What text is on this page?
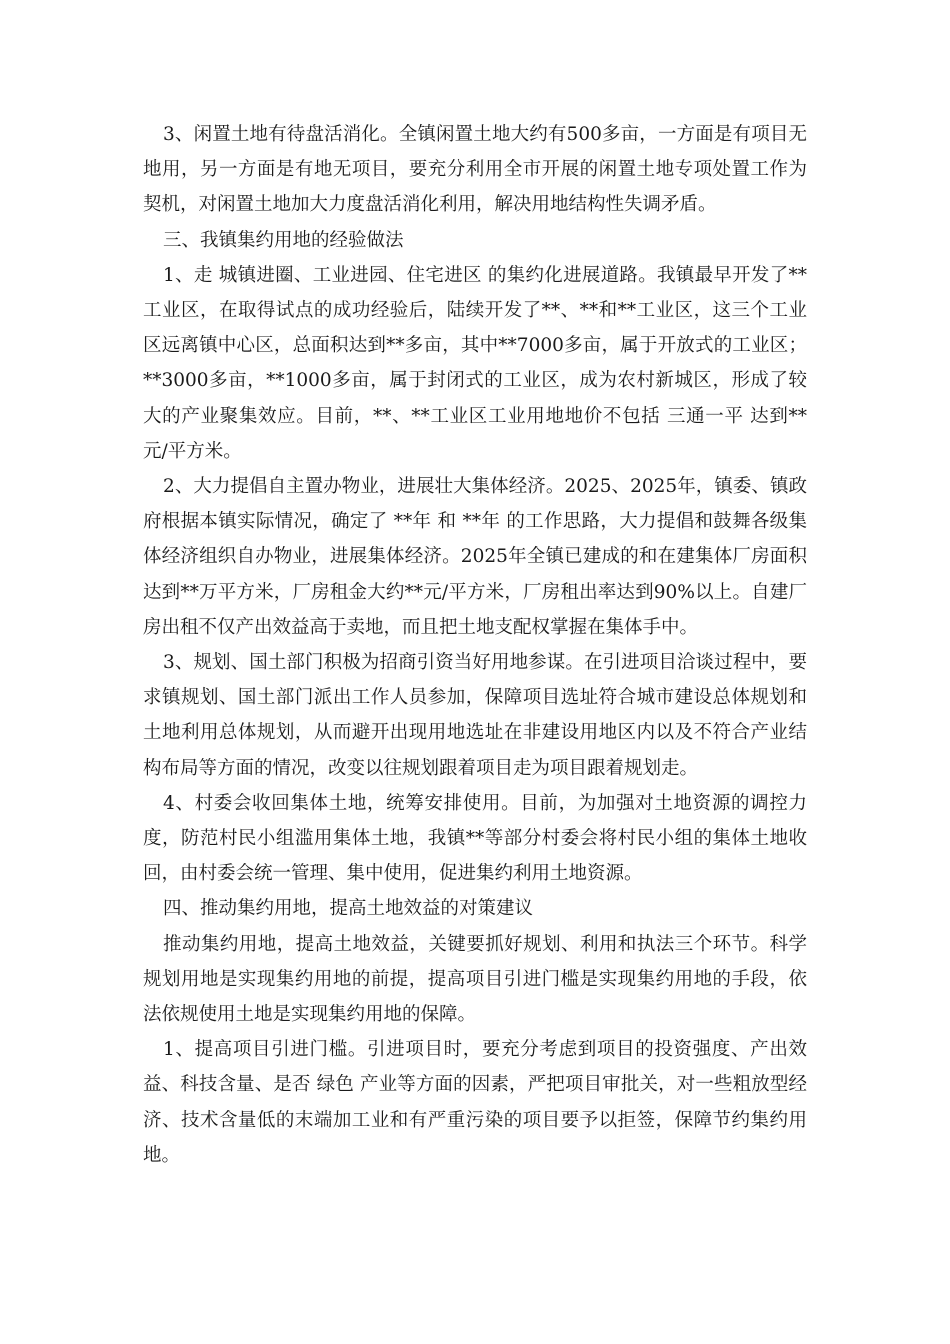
3、闲置土地有待盘活消化。全镇闲置土地大约有500多亩，一方面是有项目无地用，另一方面是有地无项目，要充分利用全市开展的闲置土地专项处置工作为契机，对闲置土地加大力度盘活消化利用，解决用地结构性失调矛盾。

三、我镇集约用地的经验做法

1、走 城镇进圈、工业进园、住宅进区 的集约化进展道路。我镇最早开发了**工业区，在取得试点的成功经验后，陆续开发了**、**和**工业区，这三个工业区远离镇中心区，总面积达到**多亩，其中**7000多亩，属于开放式的工业区；**3000多亩，**1000多亩，属于封闭式的工业区，成为农村新城区，形成了较大的产业聚集效应。目前，**、**工业区工业用地地价不包括 三通一平 达到**元/平方米。

2、大力提倡自主置办物业，进展壮大集体经济。2025、2025年，镇委、镇政府根据本镇实际情况，确定了 **年 和 **年 的工作思路，大力提倡和鼓舞各级集体经济组织自办物业，进展集体经济。2025年全镇已建成的和在建集体厂房面积达到**万平方米，厂房租金大约**元/平方米，厂房租出率达到90%以上。自建厂房出租不仅产出效益高于卖地，而且把土地支配权掌握在集体手中。

3、规划、国土部门积极为招商引资当好用地参谋。在引进项目洽谈过程中，要求镇规划、国土部门派出工作人员参加，保障项目选址符合城市建设总体规划和土地利用总体规划，从而避开出现用地选址在非建设用地区内以及不符合产业结构布局等方面的情况，改变以往规划跟着项目走为项目跟着规划走。

4、村委会收回集体土地，统筹安排使用。目前，为加强对土地资源的调控力度，防范村民小组滥用集体土地，我镇**等部分村委会将村民小组的集体土地收回，由村委会统一管理、集中使用，促进集约利用土地资源。

四、推动集约用地，提高土地效益的对策建议

推动集约用地，提高土地效益，关键要抓好规划、利用和执法三个环节。科学规划用地是实现集约用地的前提，提高项目引进门槛是实现集约用地的手段，依法依规使用土地是实现集约用地的保障。

1、提高项目引进门槛。引进项目时，要充分考虑到项目的投资强度、产出效益、科技含量、是否 绿色 产业等方面的因素，严把项目审批关，对一些粗放型经济、技术含量低的末端加工业和有严重污染的项目要予以拒签，保障节约集约用地。
